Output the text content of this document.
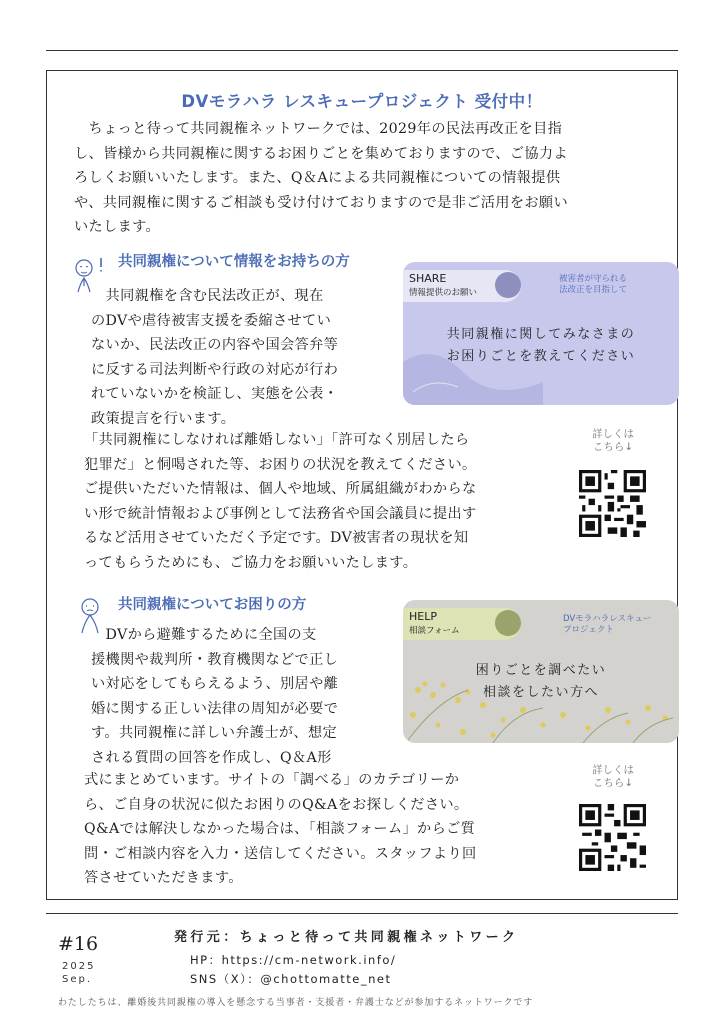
DVモラハラ レスキュープロジェクト 受付中！
　ちょっと待って共同親権ネットワークでは、2029年の民法再改正を目指
し、皆様から共同親権に関するお困りごとを集めておりますので、ご協力よ
ろしくお願いいたします。また、Q＆Aによる共同親権についての情報提供
や、共同親権に関するご相談も受け付けておりますので是非ご活用をお願い
いたします。
共同親権について情報をお持ちの方
　共同親権を含む民法改正が、現在
のDVや虐待被害支援を委縮させてい
ないか、民法改正の内容や国会答弁等
に反する司法判断や行政の対応が行わ
れていないかを検証し、実態を公表・
政策提言を行います。
「共同親権にしなければ離婚しない」「許可なく別居したら
犯罪だ」と恫喝された等、お困りの状況を教えてください。
ご提供いただいた情報は、個人や地域、所属組織がわからな
い形で統計情報および事例として法務省や国会議員に提出す
るなど活用させていただく予定です。DV被害者の現状を知
ってもらうためにも、ご協力をお願いいたします。
SHARE
情報提供のお願い
被害者が守られる
法改正を目指して
共同親権に関してみなさまの
お困りごとを教えてください
詳しくは
こちら↓
共同親権についてお困りの方
　DVから避難するために全国の支
援機関や裁判所・教育機関などで正し
い対応をしてもらえるよう、別居や離
婚に関する正しい法律の周知が必要で
す。共同親権に詳しい弁護士が、想定
される質問の回答を作成し、Q＆A形
式にまとめています。サイトの「調べる」のカテゴリーか
ら、ご自身の状況に似たお困りのQ&Aをお探しください。
Q&Aでは解決しなかった場合は、「相談フォーム」からご質
問・ご相談内容を入力・送信してください。スタッフより回
答させていただきます。
HELP
相談フォーム
DVモラハラレスキュー
プロジェクト
困りごとを調べたい
相談をしたい方へ
詳しくは
こちら↓
#16
2025
Sep.
発行元：ちょっと待って共同親権ネットワーク
HP：https://cm-network.info/
SNS（X）：@chottomatte_net
わたしたちは、離婚後共同親権の導入を懸念する当事者・支援者・弁護士などが参加するネットワークです
